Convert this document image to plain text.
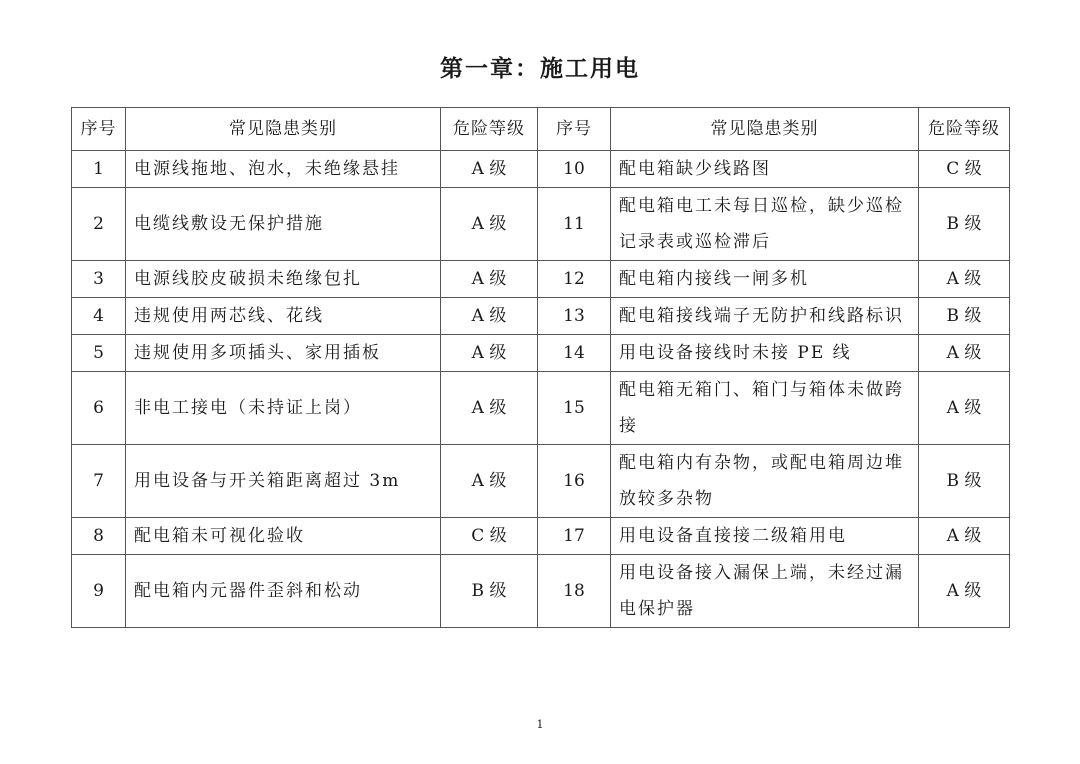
第一章：施工用电
序号	常见隐患类别	危险等级	序号	常见隐患类别	危险等级
1	电源线拖地、泡水，未绝缘悬挂	A 级	10	配电箱缺少线路图	C 级
2	电缆线敷设无保护措施	A 级	11	配电箱电工未每日巡检，缺少巡检记录表或巡检滞后	B 级
3	电源线胶皮破损未绝缘包扎	A 级	12	配电箱内接线一闸多机	A 级
4	违规使用两芯线、花线	A 级	13	配电箱接线端子无防护和线路标识	B 级
5	违规使用多项插头、家用插板	A 级	14	用电设备接线时未接 PE 线	A 级
6	非电工接电（未持证上岗）	A 级	15	配电箱无箱门、箱门与箱体未做跨接	A 级
7	用电设备与开关箱距离超过 3m	A 级	16	配电箱内有杂物，或配电箱周边堆放较多杂物	B 级
8	配电箱未可视化验收	C 级	17	用电设备直接接二级箱用电	A 级
9	配电箱内元器件歪斜和松动	B 级	18	用电设备接入漏保上端，未经过漏电保护器	A 级
1
